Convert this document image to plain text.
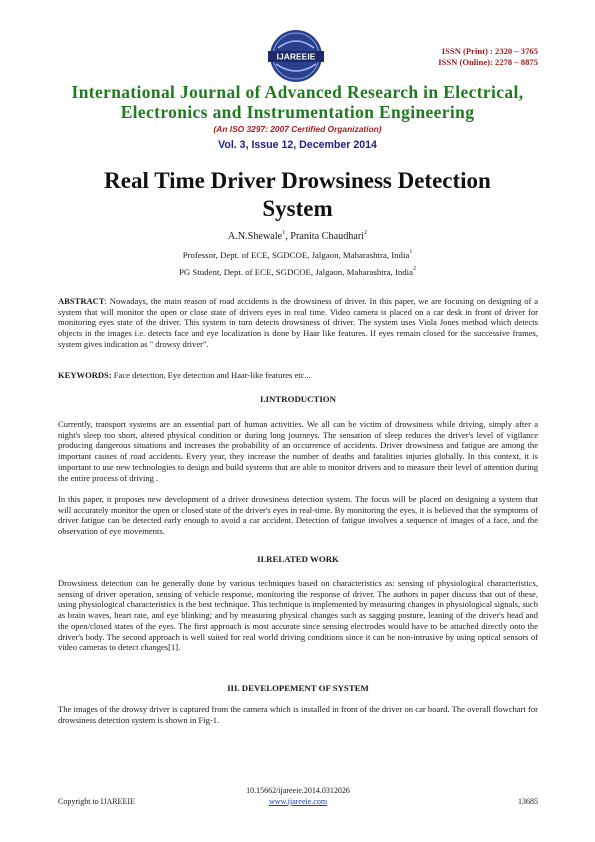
IJAREEIE
ISSN (Print) : 2320 – 3765
ISSN (Online): 2278 – 8875
International Journal of Advanced Research in Electrical,
Electronics and Instrumentation Engineering
(An ISO 3297: 2007 Certified Organization)
Vol. 3, Issue 12, December 2014
Real Time Driver Drowsiness Detection
System
A.N.Shewale$^1$, Pranita Chaudhari$^2$
Professor, Dept. of ECE, SGDCOE, Jalgaon, Maharashtra, India$^1$
PG Student, Dept. of ECE, SGDCOE, Jalgaon, Maharashtra, India$^2$
ABSTRACT: Nowadays, the main reason of road accidents is the drowsiness of driver. In this paper, we are focusing on designing of a system that will monitor the open or close state of drivers eyes in real time. Video camera is placed on a car desk in front of driver for monitoring eyes state of the driver. This system in turn detects drowsiness of driver. The system uses Viola Jones method which detects objects in the images i.e. detects face and eye localization is done by Haar like features. If eyes remain closed for the successive frames, system gives indication as " drowsy driver".
KEYWORDS: Face detection, Eye detection and Haar-like features etc...
I.INTRODUCTION
Currently, transport systems are an essential part of human activities. We all can be victim of drowsiness while driving, simply after a night's sleep too short, altered physical condition or during long journeys. The sensation of sleep reduces the driver's level of vigilance producing dangerous situations and increases the probability of an occurrence of accidents. Driver drowsiness and fatigue are among the important causes of road accidents. Every year, they increase the number of deaths and fatalities injuries globally. In this context, it is important to use new technologies to design and build systems that are able to monitor drivers and to measure their level of attention during the entire process of driving .
In this paper, it proposes new development of a driver drowsiness detection system. The focus will be placed on designing a system that will accurately monitor the open or closed state of the driver's eyes in real-time. By monitoring the eyes, it is believed that the symptoms of driver fatigue can be detected early enough to avoid a car accident. Detection of fatigue involves a sequence of images of a face, and the observation of eye movements.
II.RELATED WORK
Drowsiness detection can be generally done by various techniques based on characteristics as: sensing of physiological characteristics, sensing of driver operation, sensing of vehicle response, monitoring the response of driver. The authors in paper discuss that out of these, using physiological characteristics is the best technique. This technique is implemented by measuring changes in physiological signals, such as brain waves, heart rate, and eye blinking; and by measuring physical changes such as sagging posture, leaning of the driver's head and the open/closed states of the eyes. The first approach is most accurate since sensing electrodes would have to be attached directly onto the driver's body. The second approach is well suited for real world driving conditions since it can be non-intrusive by using optical sensors of video cameras to detect changes[1].
III. DEVELOPEMENT OF SYSTEM
The images of the drowsy driver is captured from the camera which is installed in front of the driver on car board. The overall flowchart for drowsiness detection system is shown in Fig-1.
10.15662/ijareeie.2014.0312026
Copyright to IJAREEIE	www.ijareeie.com	13685
